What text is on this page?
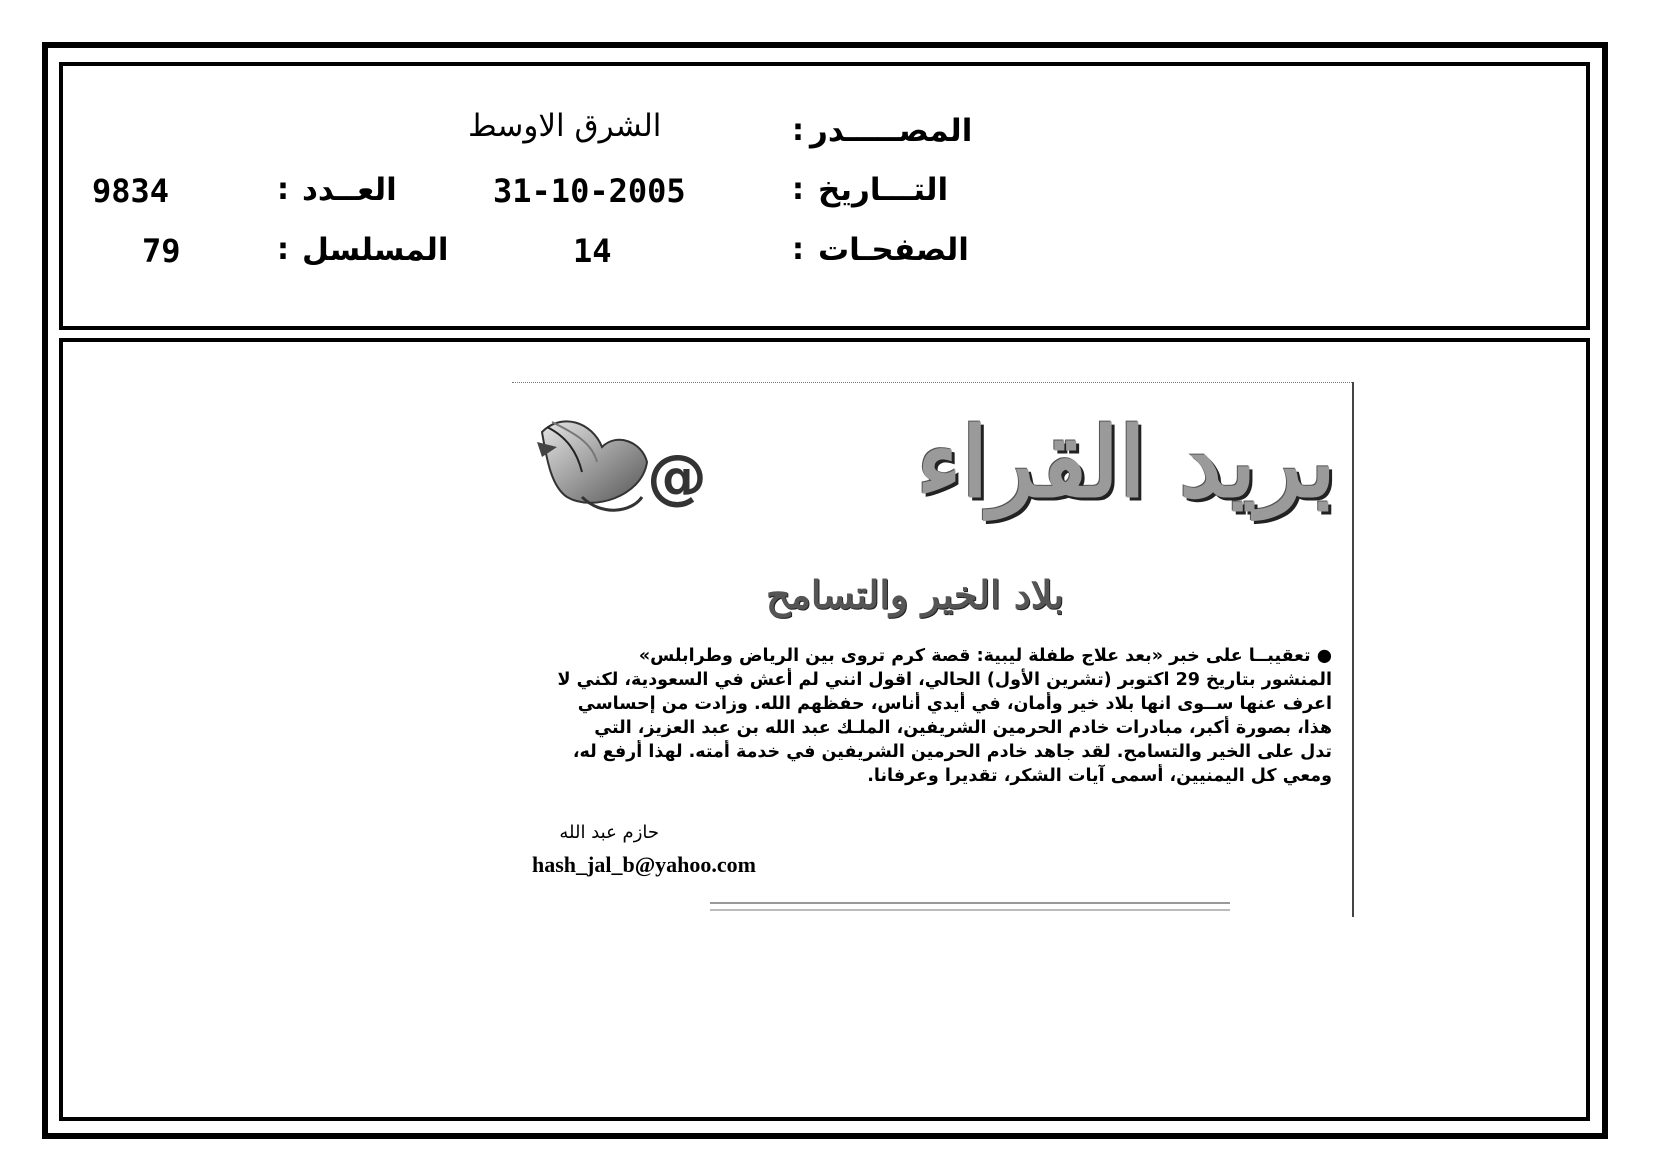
المصـــــدر
:
الشرق الاوسط
التـــاريخ
:
31-10-2005
العــدد
:
9834
الصفحـات
:
14
المسلسل
:
79
بريد القراء
@
بلاد الخير والتسامح
● تعقيبــا على خبر «بعد علاج طفلة ليبية: قصة كرم تروى بين الرياض وطرابلس»
المنشور بتاريخ 29 اكتوبر (تشرين الأول) الحالي، اقول انني لم أعش في السعودية، لكني لا
اعرف عنها ســوى انها بلاد خير وأمان، في أيدي أناس، حفظهم الله. وزادت من إحساسي
هذا، بصورة أكبر، مبادرات خادم الحرمين الشريفين، الملـك عبد الله بن عبد العزيز، التي
تدل على الخير والتسامح. لقد جاهد خادم الحرمين الشريفين في خدمة أمته. لهذا أرفع له،
ومعي كل اليمنيين، أسمى آيات الشكر، تقديرا وعرفانا.
حازم عبد الله
hash_jal_b@yahoo.com
